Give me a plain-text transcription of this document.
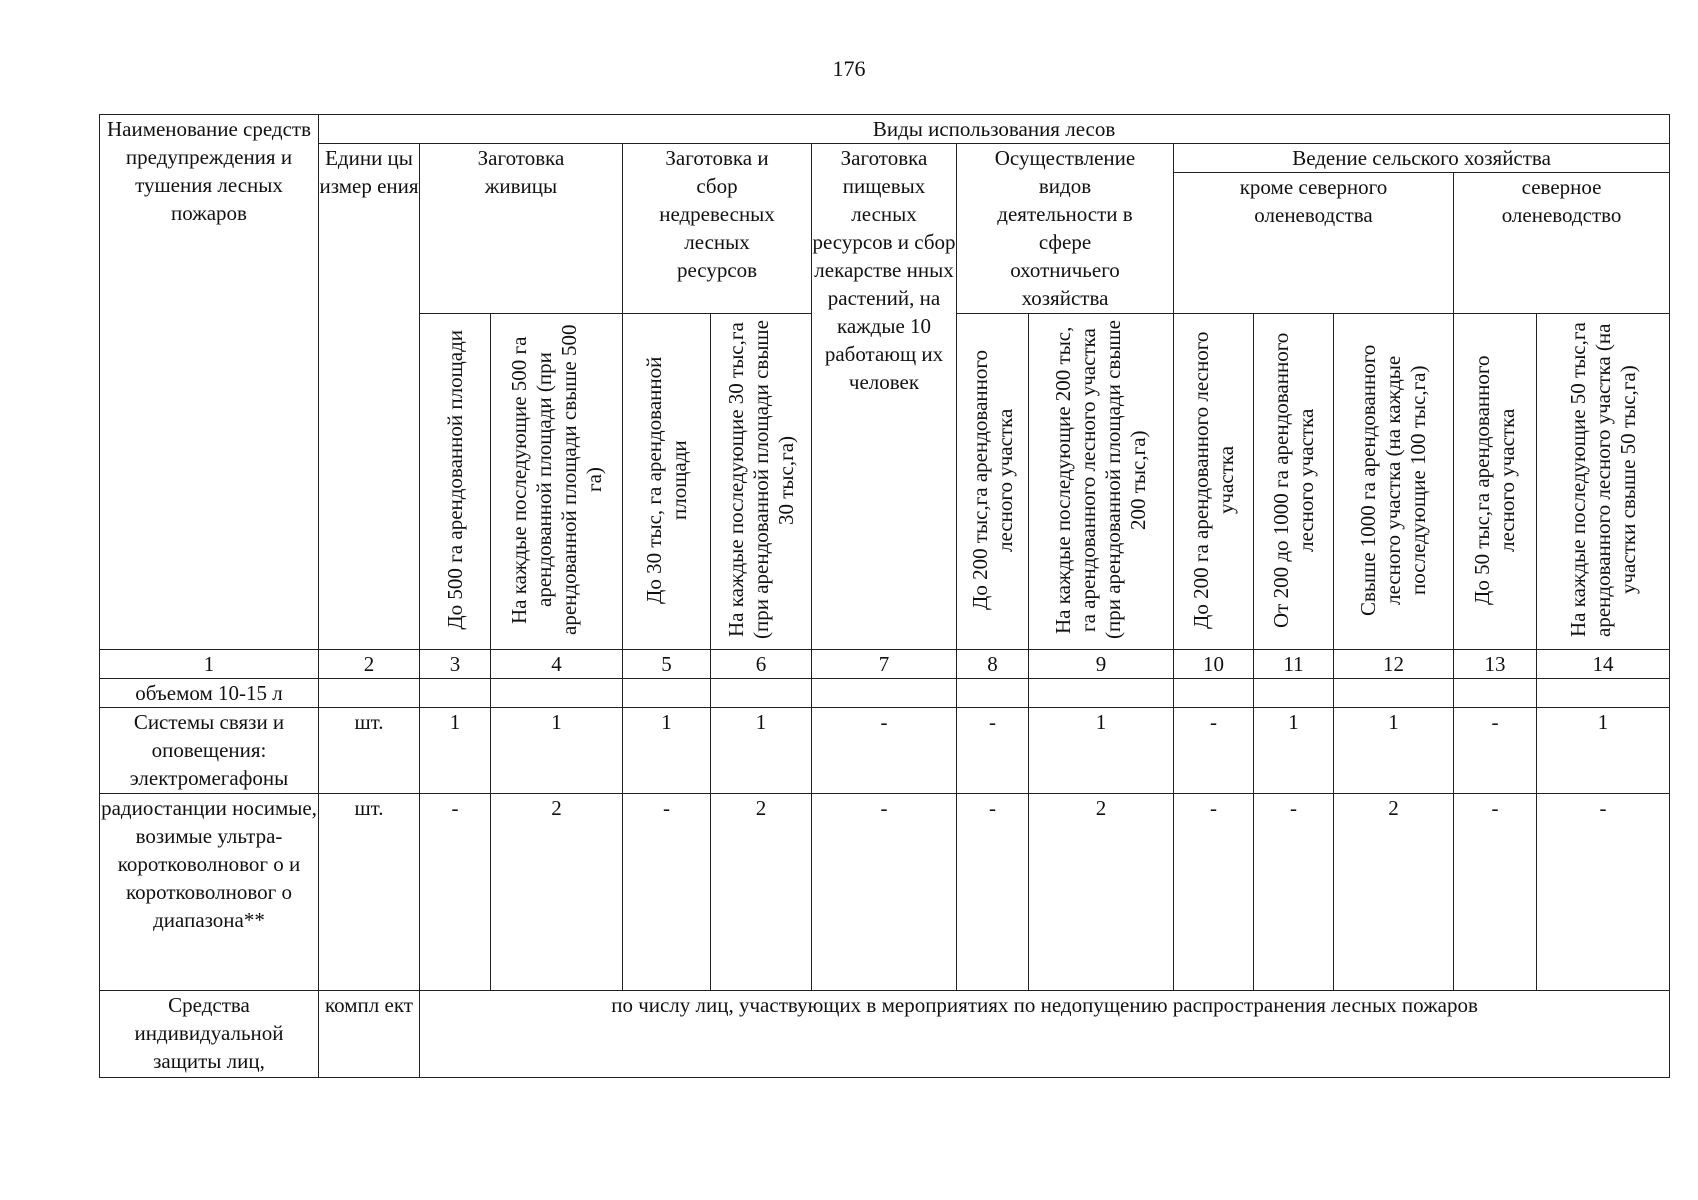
176
Наименование средств предупреждения и тушения лесных пожаров	Виды использования лесов												
	Едини цы измер ения	Заготовка живицы		Заготовка и сбор недревесных лесных ресурсов		Заготовка пищевых лесных ресурсов и сбор лекарстве нных растений, на каждые 10 работающ их человек	Осуществление видов деятельности в сфере охотничьего хозяйства		Ведение сельского хозяйства				
									кроме северного оленеводства			северное оленеводство	

		До 500 га арендованной площади	На каждые последующие 500 га арендованной площади (при арендованной площади свыше 500 га)	До 30 тыс, га арендованной площади	На каждые последующие 30 тыс,га (при арендованной площади свыше 30 тыс,га)		До 200 тыс,га арендованного лесного участка	На каждые последующие 200 тыс, га арендованного лесного участка (при арендованной площади свыше 200 тыс,га)	До 200 га арендованного лесного участка	От 200 до 1000 га арендованного лесного участка	Свыше 1000 га арендованного лесного участка (на каждые последующие 100 тыс,га)	До 50 тыс,га арендованного лесного участка	На каждые последующие 50 тыс,га арендованного лесного участка (на участки свыше 50 тыс,га)

1	2	3	4	5	6	7	8	9	10	11	12	13	14
объемом 10-15 л													
Системы связи и оповещения: электромегафоны	шт.	1	1	1	1	-	-	1	-	1	1	-	1
радиостанции носимые, возимые ультра-коротковолновог о и коротковолновог о диапазона**	шт.	-	2	-	2	-	-	2	-	-	2	-	-
Средства индивидуальной защиты лиц,	компл ект	по числу лиц, участвующих в мероприятиях по недопущению распространения лесных пожаров											
